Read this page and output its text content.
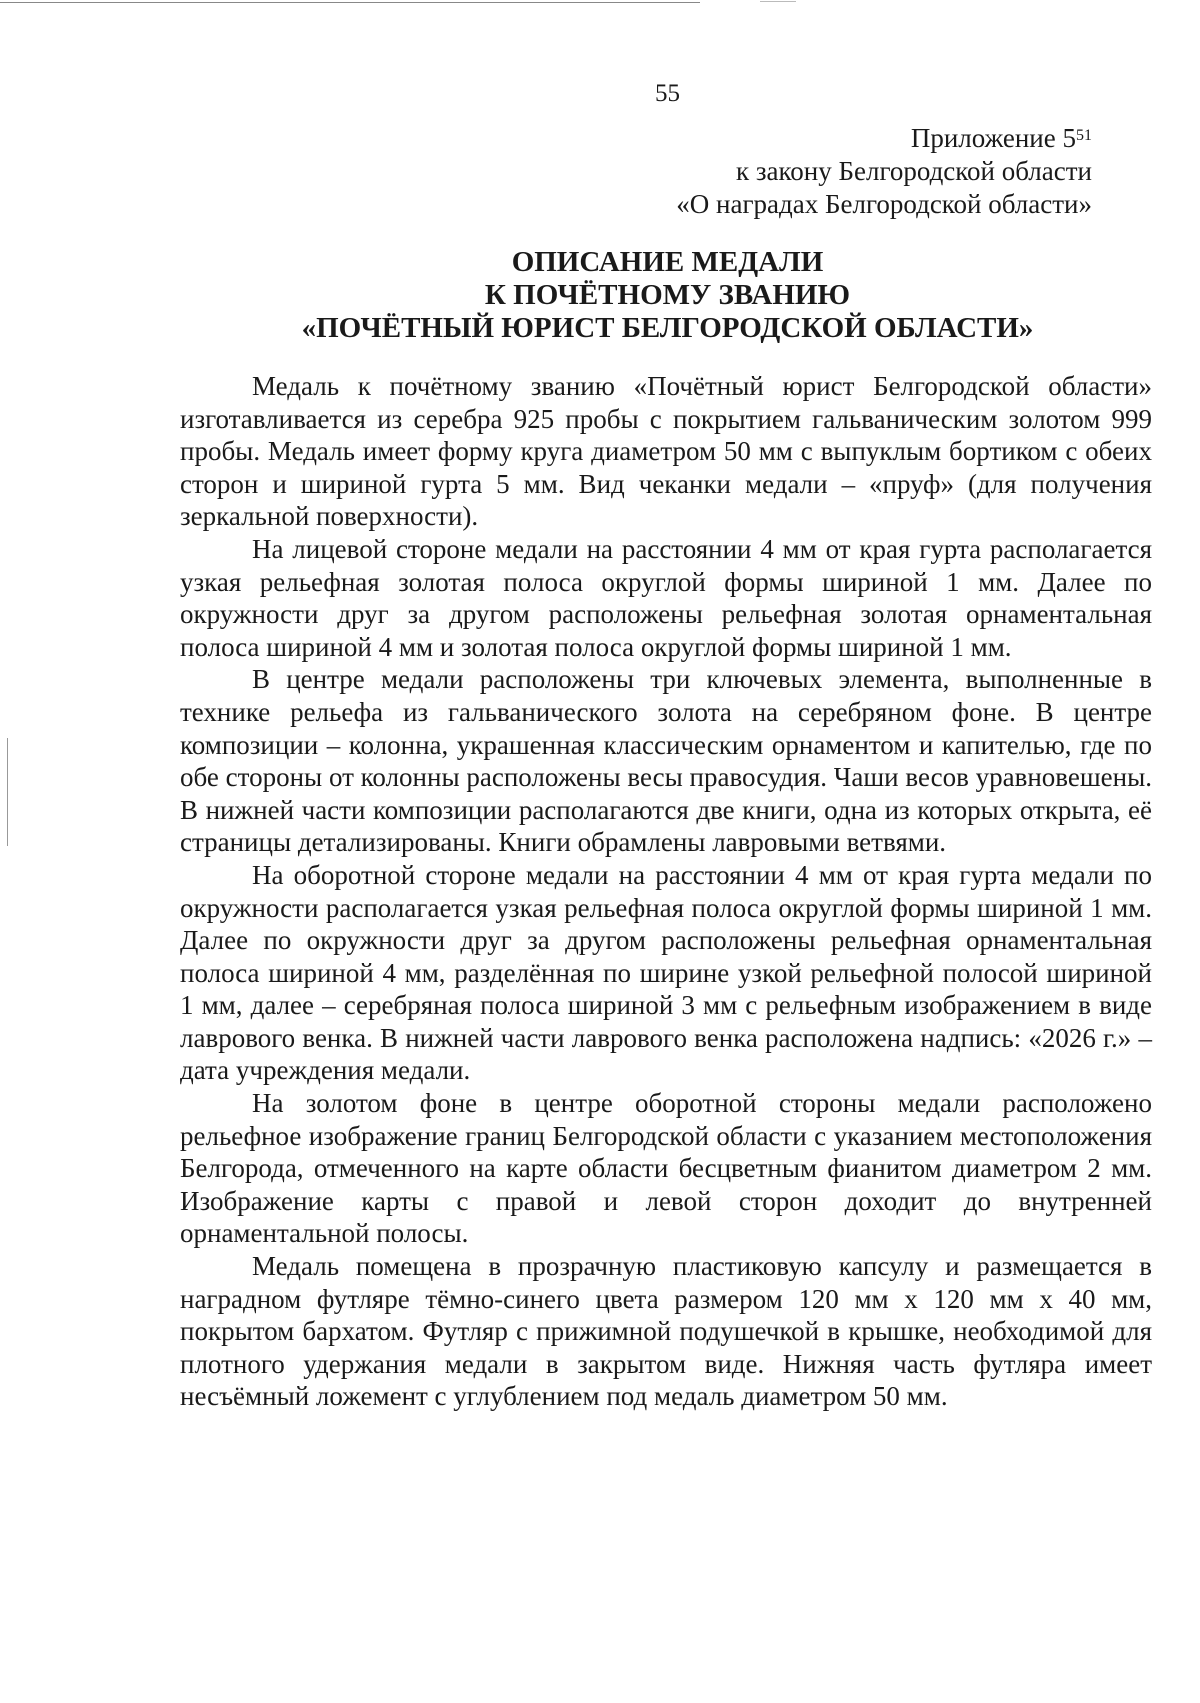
55
Приложение $5^{51}$
к закону Белгородской области
«О наградах Белгородской области»
ОПИСАНИЕ МЕДАЛИ
К ПОЧЁТНОМУ ЗВАНИЮ
«ПОЧЁТНЫЙ ЮРИСТ БЕЛГОРОДСКОЙ ОБЛАСТИ»

Медаль к почётному званию «Почётный юрист Белгородской области» изготавливается из серебра 925 пробы с покрытием гальваническим золотом 999 пробы. Медаль имеет форму круга диаметром 50 мм с выпуклым бортиком с обеих сторон и шириной гурта 5 мм. Вид чеканки медали – «пруф» (для получения зеркальной поверхности).

На лицевой стороне медали на расстоянии 4 мм от края гурта располагается узкая рельефная золотая полоса округлой формы шириной 1 мм. Далее по окружности друг за другом расположены рельефная золотая орнаментальная полоса шириной 4 мм и золотая полоса округлой формы шириной 1 мм.

В центре медали расположены три ключевых элемента, выполненные в технике рельефа из гальванического золота на серебряном фоне. В центре композиции – колонна, украшенная классическим орнаментом и капителью, где по обе стороны от колонны расположены весы правосудия. Чаши весов уравновешены. В нижней части композиции располагаются две книги, одна из которых открыта, её страницы детализированы. Книги обрамлены лавровыми ветвями.

На оборотной стороне медали на расстоянии 4 мм от края гурта медали по окружности располагается узкая рельефная полоса округлой формы шириной 1 мм. Далее по окружности друг за другом расположены рельефная орнаментальная полоса шириной 4 мм, разделённая по ширине узкой рельефной полосой шириной 1 мм, далее – серебряная полоса шириной 3 мм с рельефным изображением в виде лаврового венка. В нижней части лаврового венка расположена надпись: «2026 г.» – дата учреждения медали.

На золотом фоне в центре оборотной стороны медали расположено рельефное изображение границ Белгородской области с указанием местоположения Белгорода, отмеченного на карте области бесцветным фианитом диаметром 2 мм. Изображение карты с правой и левой сторон доходит до внутренней орнаментальной полосы.

Медаль помещена в прозрачную пластиковую капсулу и размещается в наградном футляре тёмно-синего цвета размером 120 мм х 120 мм х 40 мм, покрытом бархатом. Футляр с прижимной подушечкой в крышке, необходимой для плотного удержания медали в закрытом виде. Нижняя часть футляра имеет несъёмный ложемент с углублением под медаль диаметром 50 мм.
